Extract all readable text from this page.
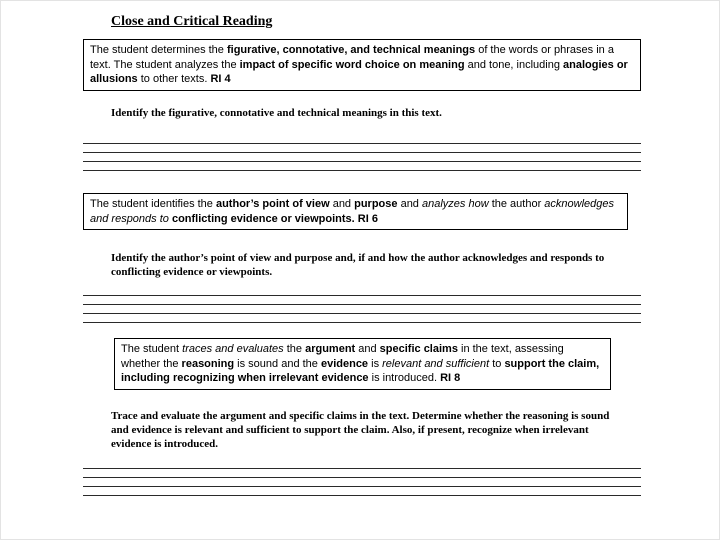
Close and Critical Reading
The student determines the figurative, connotative, and technical meanings of the words or phrases in a text. The student analyzes the impact of specific word choice on meaning and tone, including analogies or allusions to other texts. RI 4
Identify the figurative, connotative and technical meanings in this text.
The student identifies the author’s point of view and purpose and analyzes how the author acknowledges and responds to conflicting evidence or viewpoints. RI 6
Identify the author’s point of view and purpose and, if and how the author acknowledges and responds to conflicting evidence or viewpoints.
The student traces and evaluates the argument and specific claims in the text, assessing whether the reasoning is sound and the evidence is relevant and sufficient to support the claim, including recognizing when irrelevant evidence is introduced. RI 8
Trace and evaluate the argument and specific claims in the text. Determine whether the reasoning is sound and evidence is relevant and sufficient to support the claim. Also, if present, recognize when irrelevant evidence is introduced.
